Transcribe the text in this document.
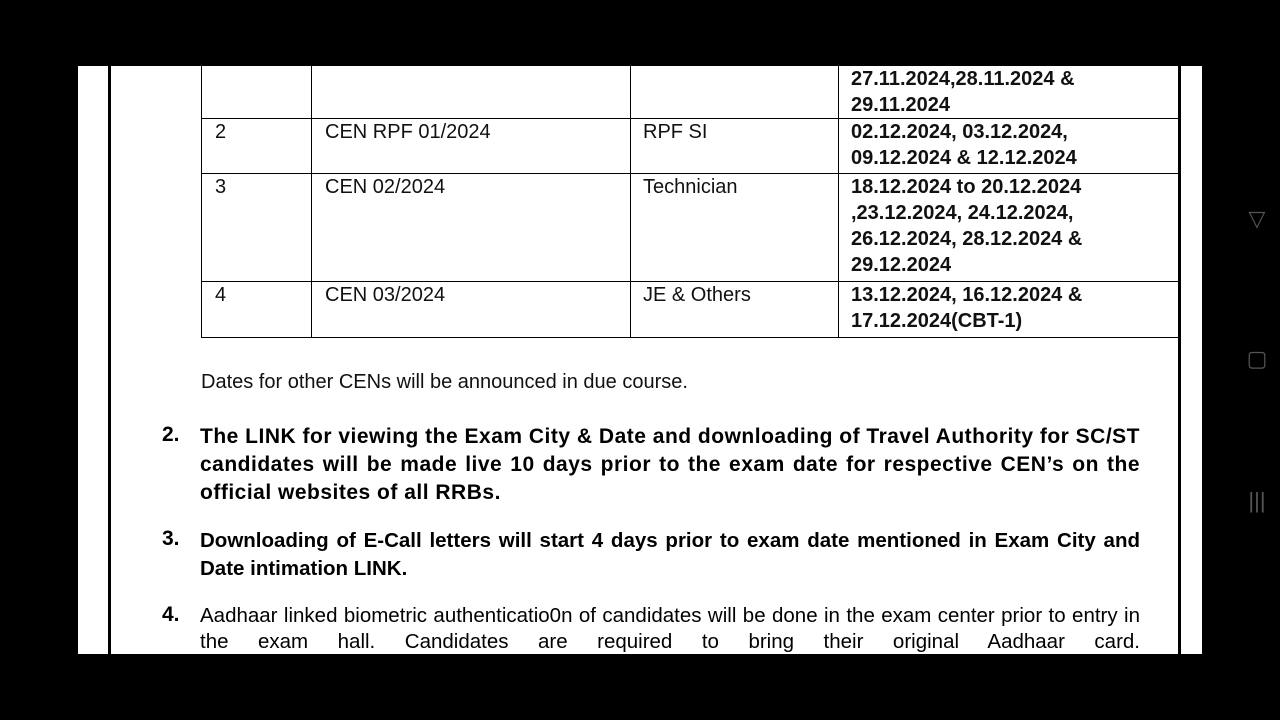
			27.11.2024,28.11.2024 &
29.11.2024

2	CEN RPF 01/2024	RPF SI	02.12.2024, 03.12.2024,
09.12.2024 & 12.12.2024

3	CEN 02/2024	Technician	18.12.2024 to 20.12.2024
,23.12.2024, 24.12.2024,
26.12.2024, 28.12.2024 &
29.12.2024

4	CEN 03/2024	JE & Others	13.12.2024, 16.12.2024 &
17.12.2024(CBT-1)
Dates for other CENs will be announced in due course.
2. The LINK for viewing the Exam City & Date and downloading of Travel Authority for SC/ST candidates will be made live 10 days prior to the exam date for respective CEN’s on the official websites of all RRBs.
3. Downloading of E-Call letters will start 4 days prior to exam date mentioned in Exam City and Date intimation LINK.
4. Aadhaar linked biometric authenticatio0n of candidates will be done in the exam center prior to entry in the exam hall. Candidates are required to bring their original Aadhaar card.
▽
▢
|||
